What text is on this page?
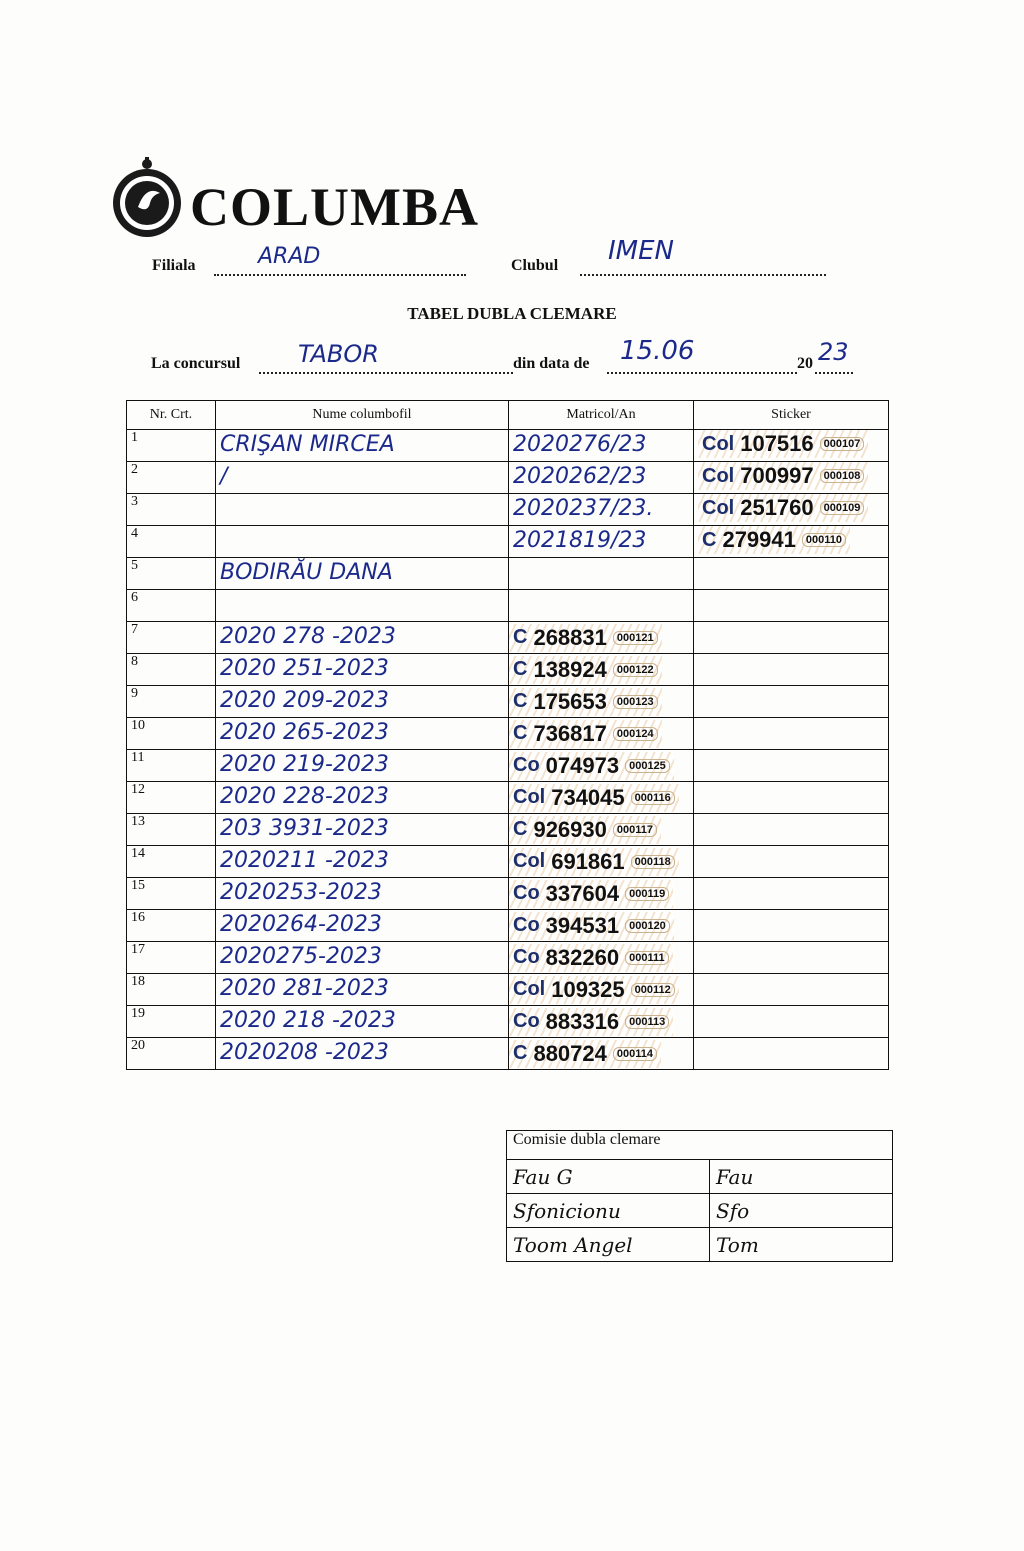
COLUMBA
Filiala	ARAD	Clubul IMEN
TABEL DUBLA CLEMARE
La concursul TABOR	din data de 15.06	20 23
Nr. Crt.	Nume columbofil	Matricol/An	Sticker
1	CRIŞAN MIRCEA	2020276/23	Col 107516 000107

2	/	2020262/23	Col 700997 000108

3		2020237/23.	Col 251760 000109

4		2021819/23	C 279941 000110

5	BODIRĂU DANA		
6			
7	2020 278 -2023	C 268831 000121	

8	2020 251-2023	C 138924 000122	

9	2020 209-2023	C 175653 000123	

10	2020 265-2023	C 736817 000124	

11	2020 219-2023	Co 074973 000125	

12	2020 228-2023	Col 734045 000116	

13	203 3931-2023	C 926930 000117	

14	2020211 -2023	Col 691861 000118	

15	2020253-2023	Co 337604 000119	

16	2020264-2023	Co 394531 000120	

17	2020275-2023	Co 832260 000111	

18	2020 281-2023	Col 109325 000112	

19	2020 218 -2023	Co 883316 000113	

20	2020208 -2023	C 880724 000114	

Comisie dubla clemare	
Fau G	Fau
Sfonicionu	Sfo
Toom Angel	Tom
